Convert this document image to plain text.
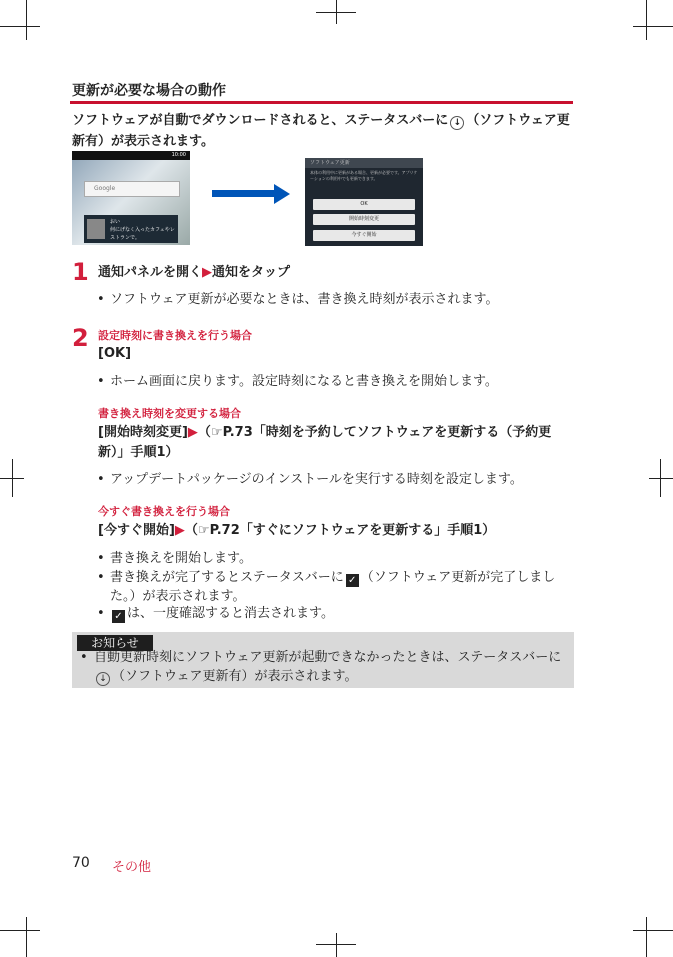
更新が必要な場合の動作

ソフトウェアが自動でダウンロードされると、ステータスバーに ↓ （ソフトウェア更新有）が表示されます。

10:00
Google
おい
何にげなく入ったカフェやレストランで。
ソフトウェア更新
本体の利用中に更新がある場合、更新が必要です。アプリケーションの利用中でも更新できます。
OK
開始時刻変更
今すぐ開始
1 通知パネルを開く▶通知をタップ
• ソフトウェア更新が必要なときは、書き換え時刻が表示されます。
2 設定時刻に書き換えを行う場合
[OK]
• ホーム画面に戻ります。設定時刻になると書き換えを開始します。
書き換え時刻を変更する場合
[開始時刻変更]▶（☞P.73「時刻を予約してソフトウェアを更新する（予約更新）」手順1）
• アップデートパッケージのインストールを実行する時刻を設定します。
今すぐ書き換えを行う場合
[今すぐ開始]▶（☞P.72「すぐにソフトウェアを更新する」手順1）
• 書き換えを開始します。
• 書き換えが完了するとステータスバーに ✓ （ソフトウェア更新が完了しました。）が表示されます。
• ✓ は、一度確認すると消去されます。
お知らせ
• 自動更新時刻にソフトウェア更新が起動できなかったときは、ステータスバーに↓ （ソフトウェア更新有）が表示されます。
70 その他
